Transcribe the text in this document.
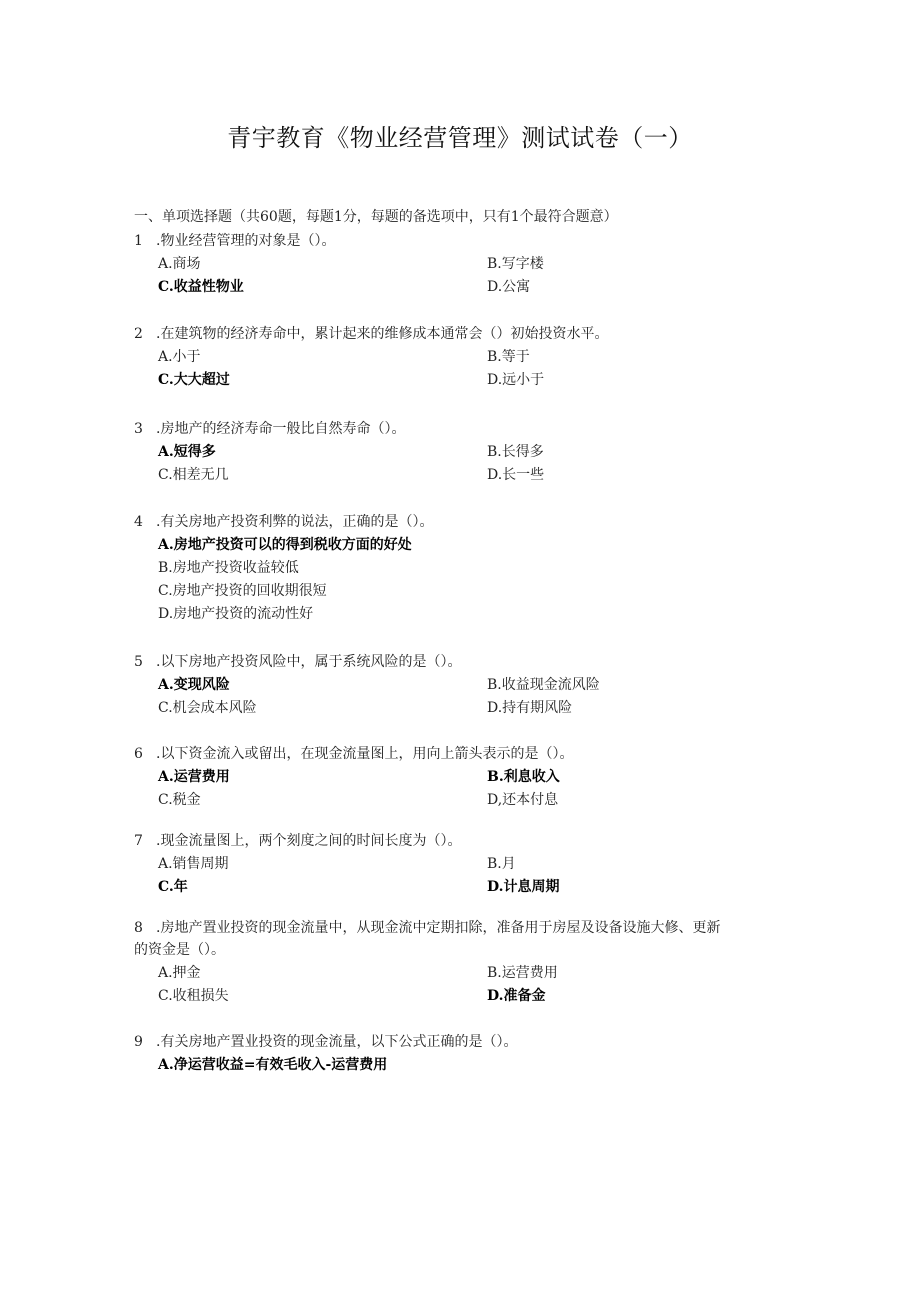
青宇教育《物业经营管理》测试试卷（一）
一、单项选择题（共60题，每题1分，每题的备选项中，只有1个最符合题意）

1 .物业经营管理的对象是（）。

A.商场	B.写字楼
C.收益性物业	D.公寓

2 .在建筑物的经济寿命中，累计起来的维修成本通常会（）初始投资水平。

A.小于	B.等于
C.大大超过	D.远小于

3 .房地产的经济寿命一般比自然寿命（）。

A.短得多	B.长得多
C.相差无几	D.长一些

4 .有关房地产投资利弊的说法，正确的是（）。

A.房地产投资可以的得到税收方面的好处
B.房地产投资收益较低
C.房地产投资的回收期很短
D.房地产投资的流动性好

5 .以下房地产投资风险中，属于系统风险的是（）。

A.变现风险	B.收益现金流风险
C.机会成本风险	D.持有期风险

6 .以下资金流入或留出，在现金流量图上，用向上箭头表示的是（）。

A.运营费用	B.利息收入
C.税金	D,还本付息

7 .现金流量图上，两个刻度之间的时间长度为（）。

A.销售周期	B.月
C.年	D.计息周期

8 .房地产置业投资的现金流量中，从现金流中定期扣除，准备用于房屋及设备设施大修、更新

的资金是（）。

A.押金	B.运营费用
C.收租损失	D.准备金

9 .有关房地产置业投资的现金流量，以下公式正确的是（）。

A.净运营收益=有效毛收入-运营费用
